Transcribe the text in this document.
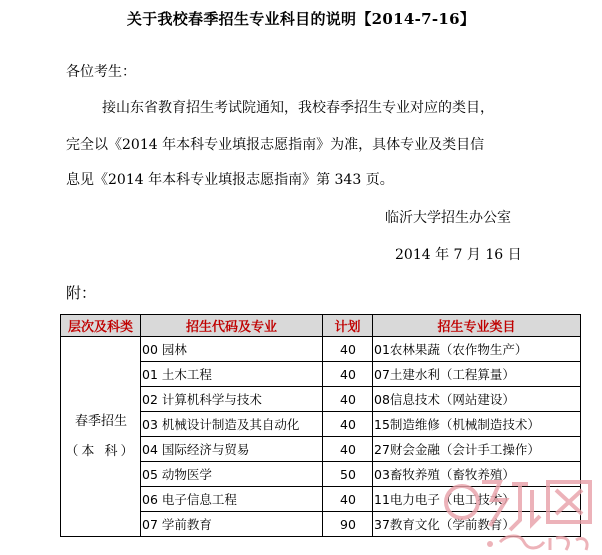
关于我校春季招生专业科目的说明【2014-7-16】
各位考生：
接山东省教育招生考试院通知，我校春季招生专业对应的类目，
完全以《2014 年本科专业填报志愿指南》为准，具体专业及类目信
息见《2014 年本科专业填报志愿指南》第 343 页。
临沂大学招生办公室
2014 年 7 月 16 日
附：
层次及科类	招生代码及专业	计划	招生专业类目

春季招生
（本 科）	00 园林	40	01农林果蔬（农作物生产）
	01 土木工程	40	07土建水利（工程算量）
	02 计算机科学与技术	40	08信息技术（网站建设）
	03 机械设计制造及其自动化	40	15制造维修（机械制造技术）
	04 国际经济与贸易	40	27财会金融（会计手工操作）
	05 动物医学	50	03畜牧养殖（畜牧养殖）
	06 电子信息工程	40	11电力电子（电工技术）
	07 学前教育	90	37教育文化（学前教育）
